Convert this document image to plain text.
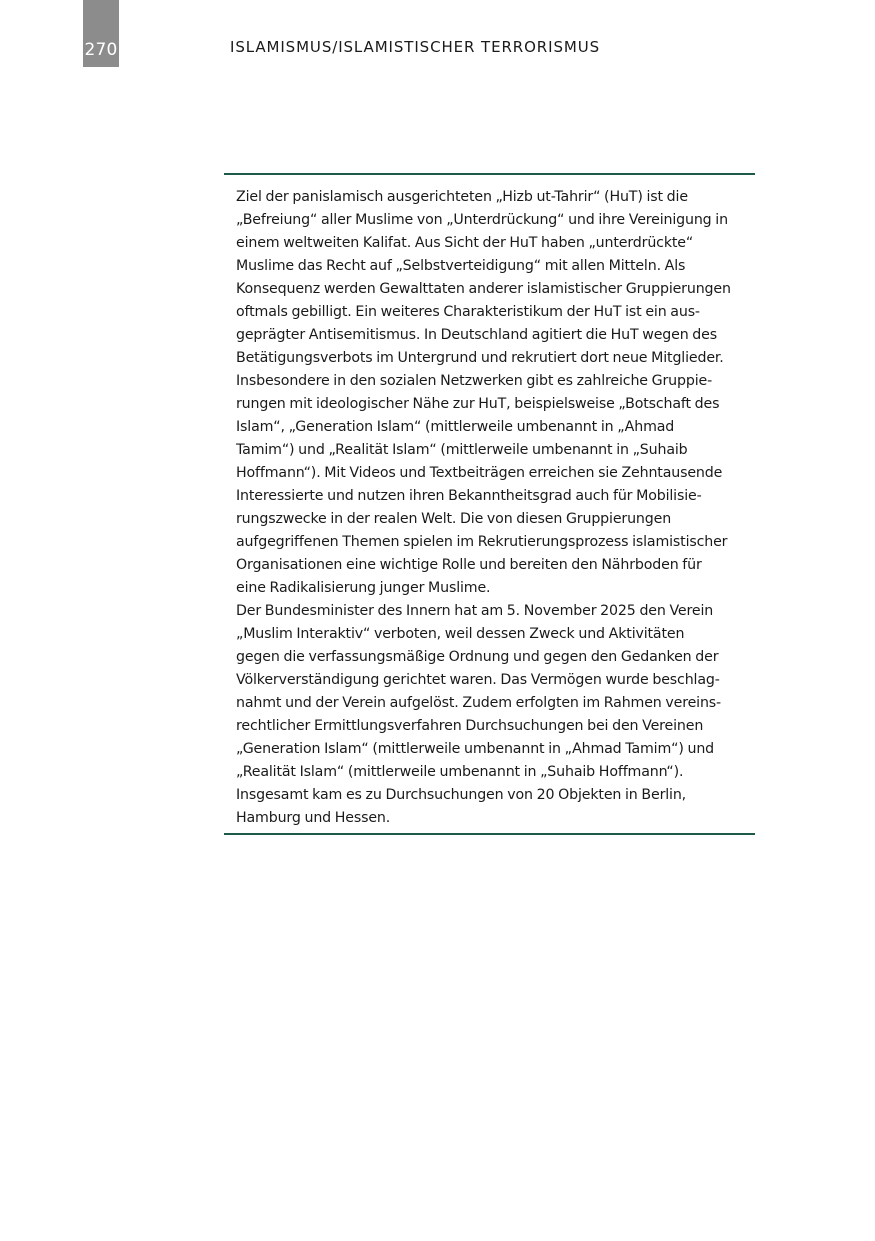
270	ISLAMISMUS/ISLAMISTISCHER TERRORISMUS

Ziel der panislamisch ausgerichteten „Hizb ut-Tahrir“ (HuT) ist die
„Befreiung“ aller Muslime von „Unterdrückung“ und ihre Vereinigung in
einem weltweiten Kalifat. Aus Sicht der HuT haben „unterdrückte“
Muslime das Recht auf „Selbstverteidigung“ mit allen Mitteln. Als
Konsequenz werden Gewalttaten anderer islamistischer Gruppierungen
oftmals gebilligt. Ein weiteres Charakteristikum der HuT ist ein aus-
geprägter Antisemitismus. In Deutschland agitiert die HuT wegen des
Betätigungsverbots im Untergrund und rekrutiert dort neue Mitglieder.
Insbesondere in den sozialen Netzwerken gibt es zahlreiche Gruppie-
rungen mit ideologischer Nähe zur HuT, beispielsweise „Botschaft des
Islam“, „Generation Islam“ (mittlerweile umbenannt in „Ahmad
Tamim“) und „Realität Islam“ (mittlerweile umbenannt in „Suhaib
Hoffmann“). Mit Videos und Textbeiträgen erreichen sie Zehntausende
Interessierte und nutzen ihren Bekanntheitsgrad auch für Mobilisie-
rungszwecke in der realen Welt. Die von diesen Gruppierungen
aufgegriffenen Themen spielen im Rekrutierungsprozess islamistischer
Organisationen eine wichtige Rolle und bereiten den Nährboden für
eine Radikalisierung junger Muslime.

Der Bundesminister des Innern hat am 5. November 2025 den Verein
„Muslim Interaktiv“ verboten, weil dessen Zweck und Aktivitäten
gegen die verfassungsmäßige Ordnung und gegen den Gedanken der
Völkerverständigung gerichtet waren. Das Vermögen wurde beschlag-
nahmt und der Verein aufgelöst. Zudem erfolgten im Rahmen vereins-
rechtlicher Ermittlungsverfahren Durchsuchungen bei den Vereinen
„Generation Islam“ (mittlerweile umbenannt in „Ahmad Tamim“) und
„Realität Islam“ (mittlerweile umbenannt in „Suhaib Hoffmann“).
Insgesamt kam es zu Durchsuchungen von 20 Objekten in Berlin,
Hamburg und Hessen.
